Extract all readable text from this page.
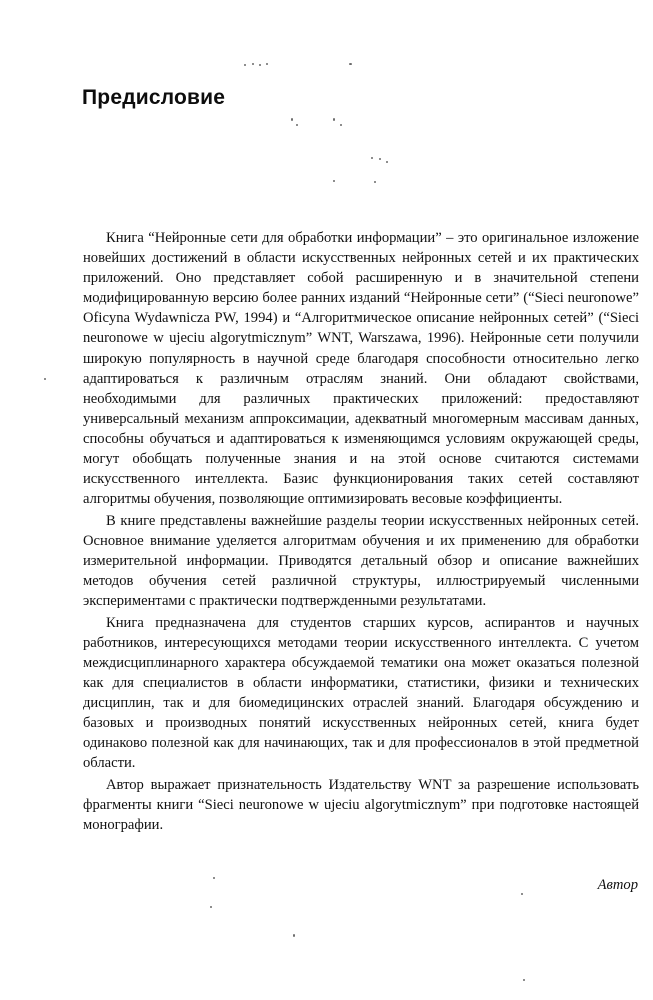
Предисловие

Книга “Нейронные сети для обработки информации” – это оригинальное изложение новейших достижений в области искусственных нейронных сетей и их практических приложений. Оно представляет собой расширенную и в значительной степени модифицированную версию более ранних изданий “Нейронные сети” (“Sieci neuronowe” Oficyna Wydawnicza PW, 1994) и “Алгоритмическое описание нейронных сетей” (“Sieci neuronowe w ujeciu algorytmicznym” WNT, Warszawa, 1996). Нейронные сети получили широкую популярность в научной среде благодаря способности относительно легко адаптироваться к различным отраслям знаний. Они обладают свойствами, необходимыми для различных практических приложений: предоставляют универсальный механизм аппроксимации, адекватный многомерным массивам данных, способны обучаться и адаптироваться к изменяющимся условиям окружающей среды, могут обобщать полученные знания и на этой основе считаются системами искусственного интеллекта. Базис функционирования таких сетей составляют алгоритмы обучения, позволяющие оптимизировать весовые коэффициенты.

В книге представлены важнейшие разделы теории искусственных нейронных сетей. Основное внимание уделяется алгоритмам обучения и их применению для обработки измерительной информации. Приводятся детальный обзор и описание важнейших методов обучения сетей различной структуры, иллюстрируемый численными экспериментами с практически подтвержденными результатами.

Книга предназначена для студентов старших курсов, аспирантов и научных работников, интересующихся методами теории искусственного интеллекта. С учетом междисциплинарного характера обсуждаемой тематики она может оказаться полезной как для специалистов в области информатики, статистики, физики и технических дисциплин, так и для биомедицинских отраслей знаний. Благодаря обсуждению и базовых и производных понятий искусственных нейронных сетей, книга будет одинаково полезной как для начинающих, так и для профессионалов в этой предметной области.

Автор выражает признательность Издательству WNT за разрешение использовать фрагменты книги “Sieci neuronowe w ujeciu algorytmicznym” при подготовке настоящей монографии.

Автор
